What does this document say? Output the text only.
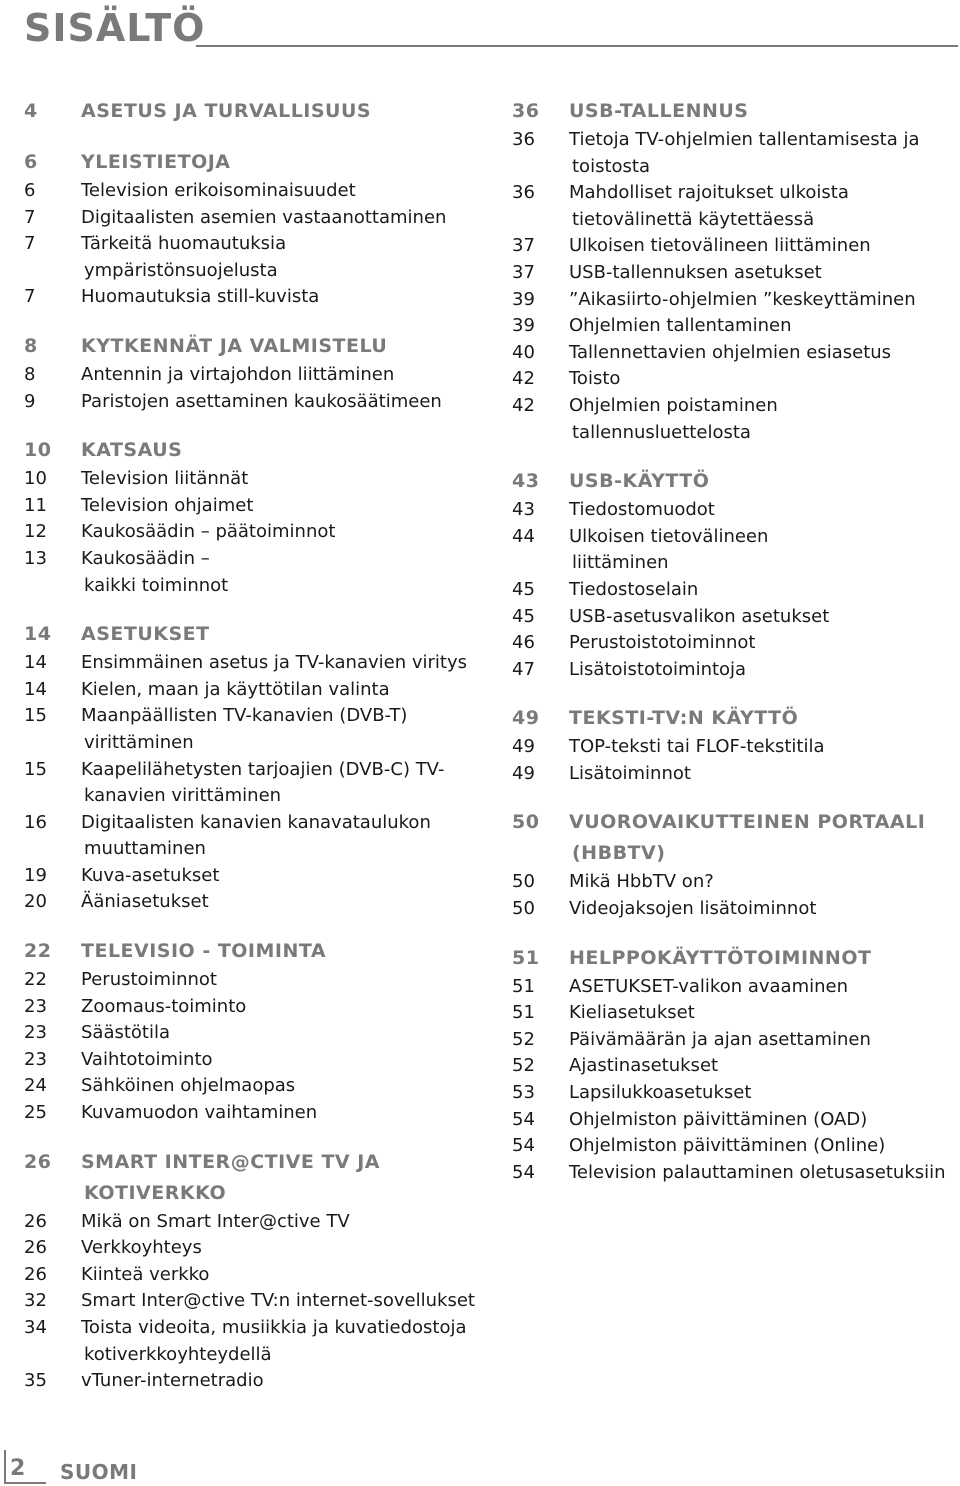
SISÄLTÖ
4	ASETUS JA TURVALLISUUS
6	YLEISTIETOJA
6	Television erikoisominaisuudet
7	Digitaalisten asemien vastaanottaminen
7	Tärkeitä huomautuksia

ympäristönsuojelusta
7	Huomautuksia still-kuvista
8	KYTKENNÄT JA VALMISTELU
8	Antennin ja virtajohdon liittäminen
9	Paristojen asettaminen kaukosäätimeen
10	KATSAUS
10	Television liitännät
11	Television ohjaimet
12	Kaukosäädin – päätoiminnot
13	Kaukosäädin –

kaikki toiminnot
14	ASETUKSET
14	Ensimmäinen asetus ja TV-kanavien viritys
14	Kielen, maan ja käyttötilan valinta
15	Maanpäällisten TV-kanavien (DVB-T)

virittäminen
15	Kaapelilähetysten tarjoajien (DVB-C) TV-

kanavien virittäminen
16	Digitaalisten kanavien kanavataulukon

muuttaminen
19	Kuva-asetukset
20	Ääniasetukset
22	TELEVISIO - TOIMINTA
22	Perustoiminnot
23	Zoomaus-toiminto
23	Säästötila
23	Vaihtotoiminto
24	Sähköinen ohjelmaopas
25	Kuvamuodon vaihtaminen
26	SMART INTER@CTIVE TV JA
KOTIVERKKO
26	Mikä on Smart Inter@ctive TV
26	Verkkoyhteys
26	Kiinteä verkko
32	Smart Inter@ctive TV:n internet-sovellukset
34	Toista videoita, musiikkia ja kuvatiedostoja

kotiverkkoyhteydellä
35	vTuner-internetradio
36	USB-TALLENNUS
36	Tietoja TV-ohjelmien tallentamisesta ja

toistosta
36	Mahdolliset rajoitukset ulkoista

tietovälinettä käytettäessä
37	Ulkoisen tietovälineen liittäminen
37	USB-tallennuksen asetukset
39	”Aikasiirto-ohjelmien ”keskeyttäminen
39	Ohjelmien tallentaminen
40	Tallennettavien ohjelmien esiasetus
42	Toisto
42	Ohjelmien poistaminen

tallennusluettelosta
43	USB-KÄYTTÖ
43	Tiedostomuodot
44	Ulkoisen tietovälineen

liittäminen
45	Tiedostoselain
45	USB-asetusvalikon asetukset
46	Perustoistotoiminnot
47	Lisätoistotoimintoja
49	TEKSTI-TV:N KÄYTTÖ
49	TOP-teksti tai FLOF-tekstitila
49	Lisätoiminnot
50	VUOROVAIKUTTEINEN PORTAALI
(HBBTV)
50	Mikä HbbTV on?
50	Videojaksojen lisätoiminnot
51	HELPPOKÄYTTÖTOIMINNOT
51	ASETUKSET-valikon avaaminen
51	Kieliasetukset
52	Päivämäärän ja ajan asettaminen
52	Ajastinasetukset
53	Lapsilukkoasetukset
54	Ohjelmiston päivittäminen (OAD)
54	Ohjelmiston päivittäminen (Online)
54	Television palauttaminen oletusasetuksiin
2 SUOMI
